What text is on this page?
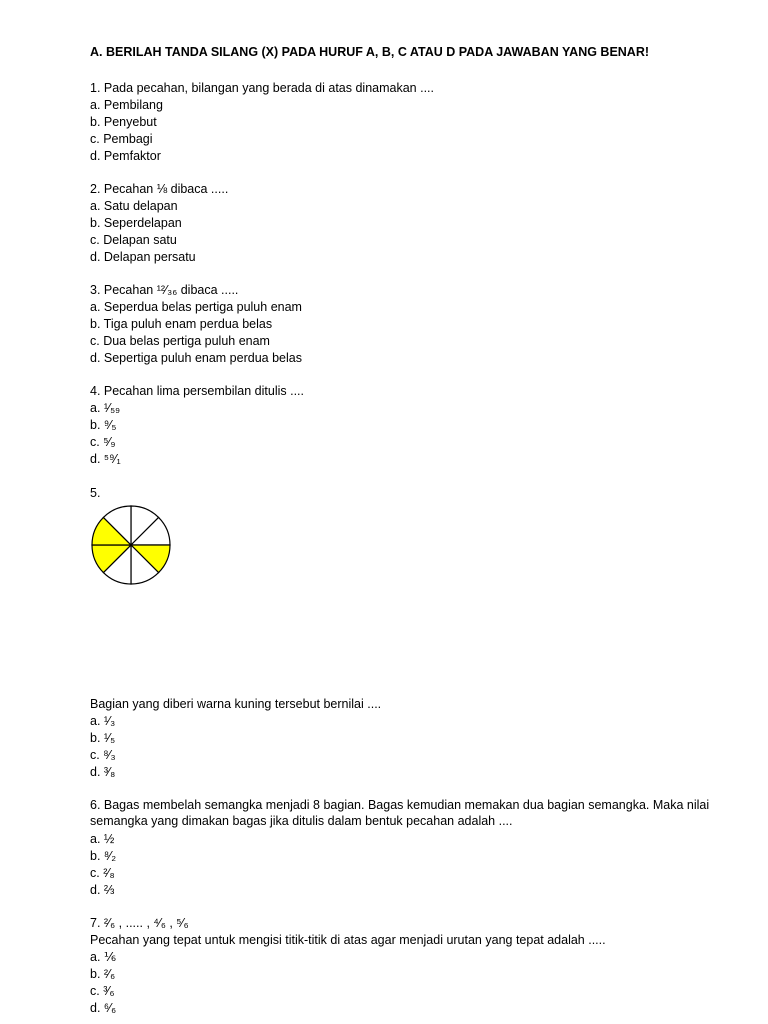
A. BERILAH TANDA SILANG (X) PADA HURUF A, B, C ATAU D PADA JAWABAN YANG BENAR!
1. Pada pecahan, bilangan yang berada di atas dinamakan ....
a. Pembilang
b. Penyebut
c. Pembagi
d. Pemfaktor
2. Pecahan ⅛ dibaca .....
a. Satu delapan
b. Seperdelapan
c. Delapan satu
d. Delapan persatu
3. Pecahan ¹²⁄₃₆ dibaca .....
a. Seperdua belas pertiga puluh enam
b. Tiga puluh enam perdua belas
c. Dua belas pertiga puluh enam
d. Sepertiga puluh enam perdua belas
4. Pecahan lima persembilan ditulis ....
a. ¹⁄₅₉
b. ⁹⁄₅
c. ⁵⁄₉
d. ⁵⁹⁄₁
5.
Bagian yang diberi warna kuning tersebut bernilai ....
a. ¹⁄₃
b. ¹⁄₅
c. ⁸⁄₃
d. ³⁄₈
6. Bagas membelah semangka menjadi 8 bagian. Bagas kemudian memakan dua bagian semangka. Maka nilai semangka yang dimakan bagas jika ditulis dalam bentuk pecahan adalah ....
a. ½
b. ⁸⁄₂
c. ²⁄₈
d. ⅔
7. ²⁄₆ , ..... , ⁴⁄₆ , ⁵⁄₆
Pecahan yang tepat untuk mengisi titik-titik di atas agar menjadi urutan yang tepat adalah .....
a. ⅙
b. ²⁄₆
c. ³⁄₆
d. ⁶⁄₆
